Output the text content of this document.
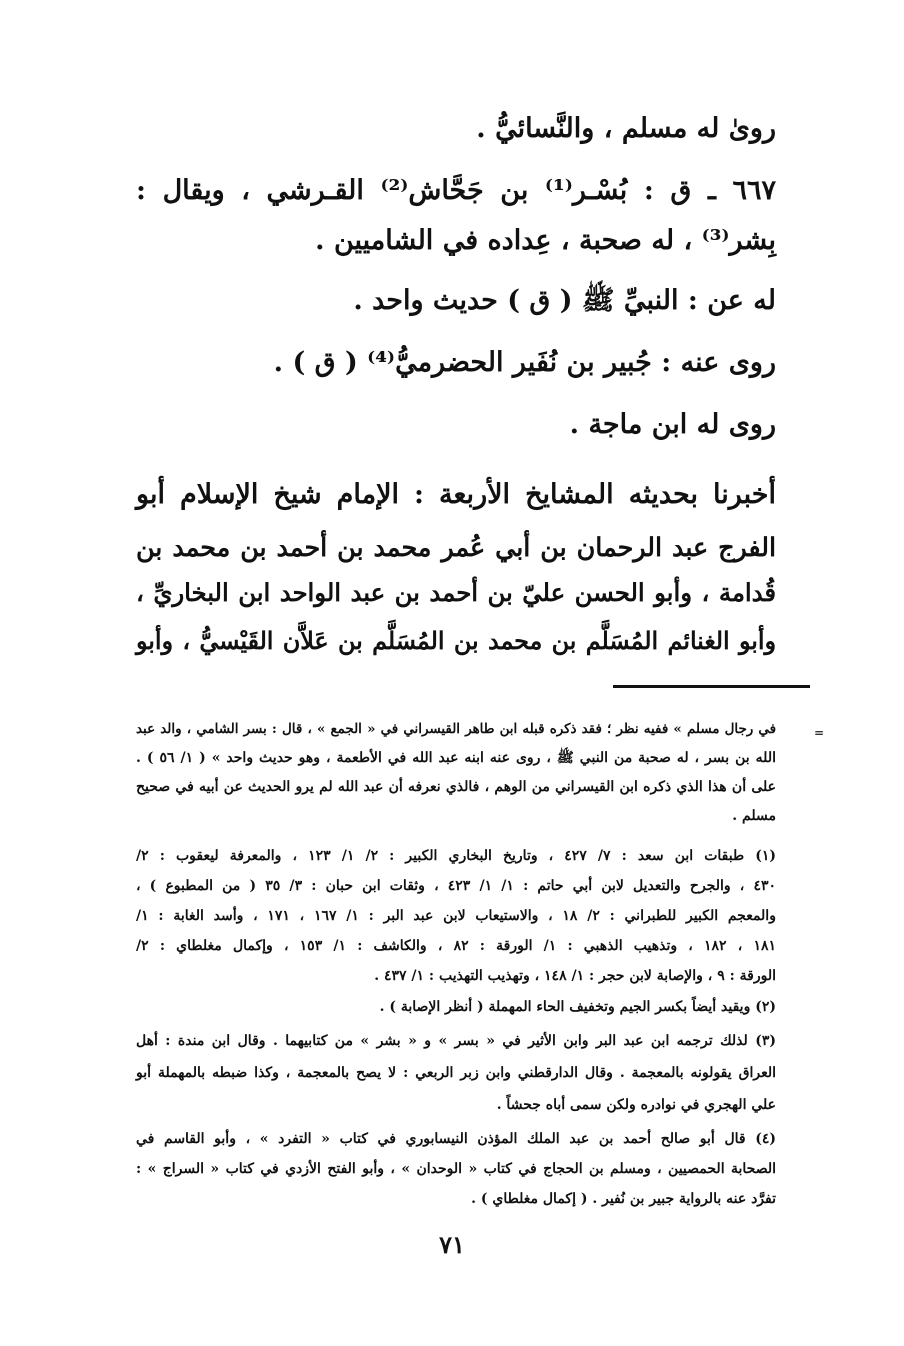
روىٰ له مسلم ، والنَّسائيُّ .
٦٦٧ ـ ق : بُسْـر⁽¹⁾ بن جَحَّاش⁽²⁾ القـرشي ، ويقال :
بِشر⁽³⁾ ، له صحبة ، عِداده في الشاميين .
له عن : النبيِّ ﷺ ( ق ) حديث واحد .
روى عنه : جُبير بن نُفَير الحضرميُّ⁽⁴⁾ ( ق ) .
روى له ابن ماجة .
أخبرنا بحديثه المشايخ الأربعة : الإمام شيخ الإسلام أبو
الفرج عبد الرحمان بن أبي عُمر محمد بن أحمد بن محمد بن
قُدامة ، وأبو الحسن عليّ بن أحمد بن عبد الواحد ابن البخاريِّ ،
وأبو الغنائم المُسَلَّم بن محمد بن المُسَلَّم بن عَلاَّن القَيْسيُّ ، وأبو
=
في رجال مسلم » ففيه نظر ؛ فقد ذكره قبله ابن طاهر القيسراني في « الجمع » ، قال : بسر الشامي ، والد عبد
الله بن بسر ، له صحبة من النبي ﷺ ، روى عنه ابنه عبد الله في الأطعمة ، وهو حديث واحد » ( ١/ ٥٦ ) .
على أن هذا الذي ذكره ابن القيسراني من الوهم ، فالذي نعرفه أن عبد الله لم يرو الحديث عن أبيه في صحيح
مسلم .
(١) طبقات ابن سعد : ٧/ ٤٢٧ ، وتاريخ البخاري الكبير : ٢/ ١/ ١٢٣ ، والمعرفة ليعقوب : ٢/
٤٣٠ ، والجرح والتعديل لابن أبي حاتم : ١/ ١/ ٤٢٣ ، وثقات ابن حبان : ٣/ ٣٥ ( من المطبوع ) ،
والمعجم الكبير للطبراني : ٢/ ١٨ ، والاستيعاب لابن عبد البر : ١/ ١٦٧ ، ١٧١ ، وأسد الغابة : ١/
١٨١ ، ١٨٢ ، وتذهيب الذهبي : ١/ الورقة : ٨٢ ، والكاشف : ١/ ١٥٣ ، وإكمال مغلطاي : ٢/
الورقة : ٩ ، والإصابة لابن حجر : ١/ ١٤٨ ، وتهذيب التهذيب : ١/ ٤٣٧ .
(٢) ويقيد أيضاً بكسر الجيم وتخفيف الحاء المهملة ( أنظر الإصابة ) .
(٣) لذلك ترجمه ابن عبد البر وابن الأثير في « بسر » و « بشر » من كتابيهما . وقال ابن مندة : أهل
العراق يقولونه بالمعجمة . وقال الدارقطني وابن زبر الربعي : لا يصح بالمعجمة ، وكذا ضبطه بالمهملة أبو
علي الهجري في نوادره ولكن سمى أباه جحشاً .
(٤) قال أبو صالح أحمد بن عبد الملك المؤذن النيسابوري في كتاب « التفرد » ، وأبو القاسم في
الصحابة الحمصيين ، ومسلم بن الحجاج في كتاب « الوحدان » ، وأبو الفتح الأزدي في كتاب « السراج » :
تفرَّد عنه بالرواية جبير بن نُفير . ( إكمال مغلطاي ) .
٧١
